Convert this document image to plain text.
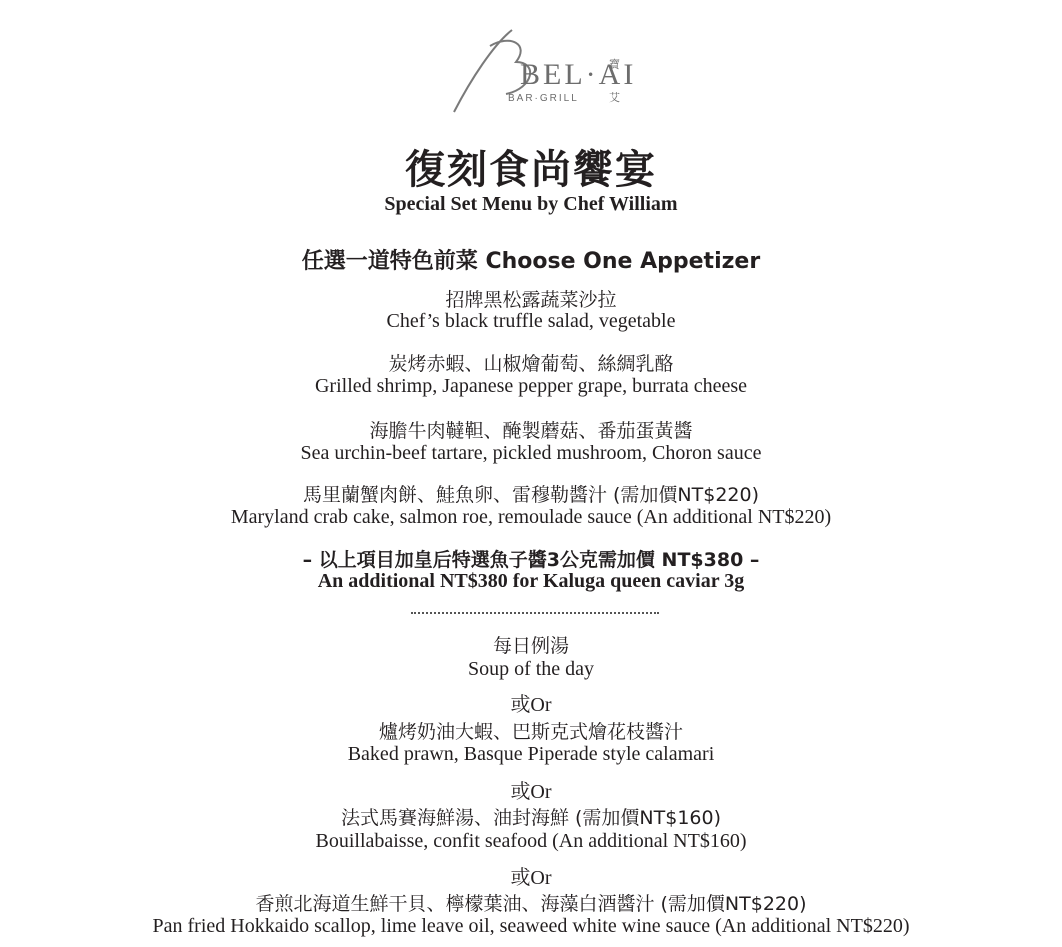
BEL·AI
BAR·GRILL
寶
艾
復刻食尚饗宴
Special Set Menu by Chef William
任選一道特色前菜 Choose One Appetizer
招牌黑松露蔬菜沙拉
Chef’s black truffle salad, vegetable
炭烤赤蝦、山椒燴葡萄、絲綢乳酪
Grilled shrimp, Japanese pepper grape, burrata cheese
海膽牛肉韃靼、醃製蘑菇、番茄蛋黃醬
Sea urchin-beef tartare, pickled mushroom, Choron sauce
馬里蘭蟹肉餅、鮭魚卵、雷穆勒醬汁 (需加價NT$220)
Maryland crab cake, salmon roe, remoulade sauce (An additional NT$220)
– 以上項目加皇后特選魚子醬3公克需加價 NT$380 –
An additional NT$380 for Kaluga queen caviar 3g
每日例湯
Soup of the day
或Or
爐烤奶油大蝦、巴斯克式燴花枝醬汁
Baked prawn, Basque Piperade style calamari
或Or
法式馬賽海鮮湯、油封海鮮 (需加價NT$160)
Bouillabaisse, confit seafood (An additional NT$160)
或Or
香煎北海道生鮮干貝、檸檬葉油、海藻白酒醬汁 (需加價NT$220)
Pan fried Hokkaido scallop, lime leave oil, seaweed white wine sauce (An additional NT$220)
